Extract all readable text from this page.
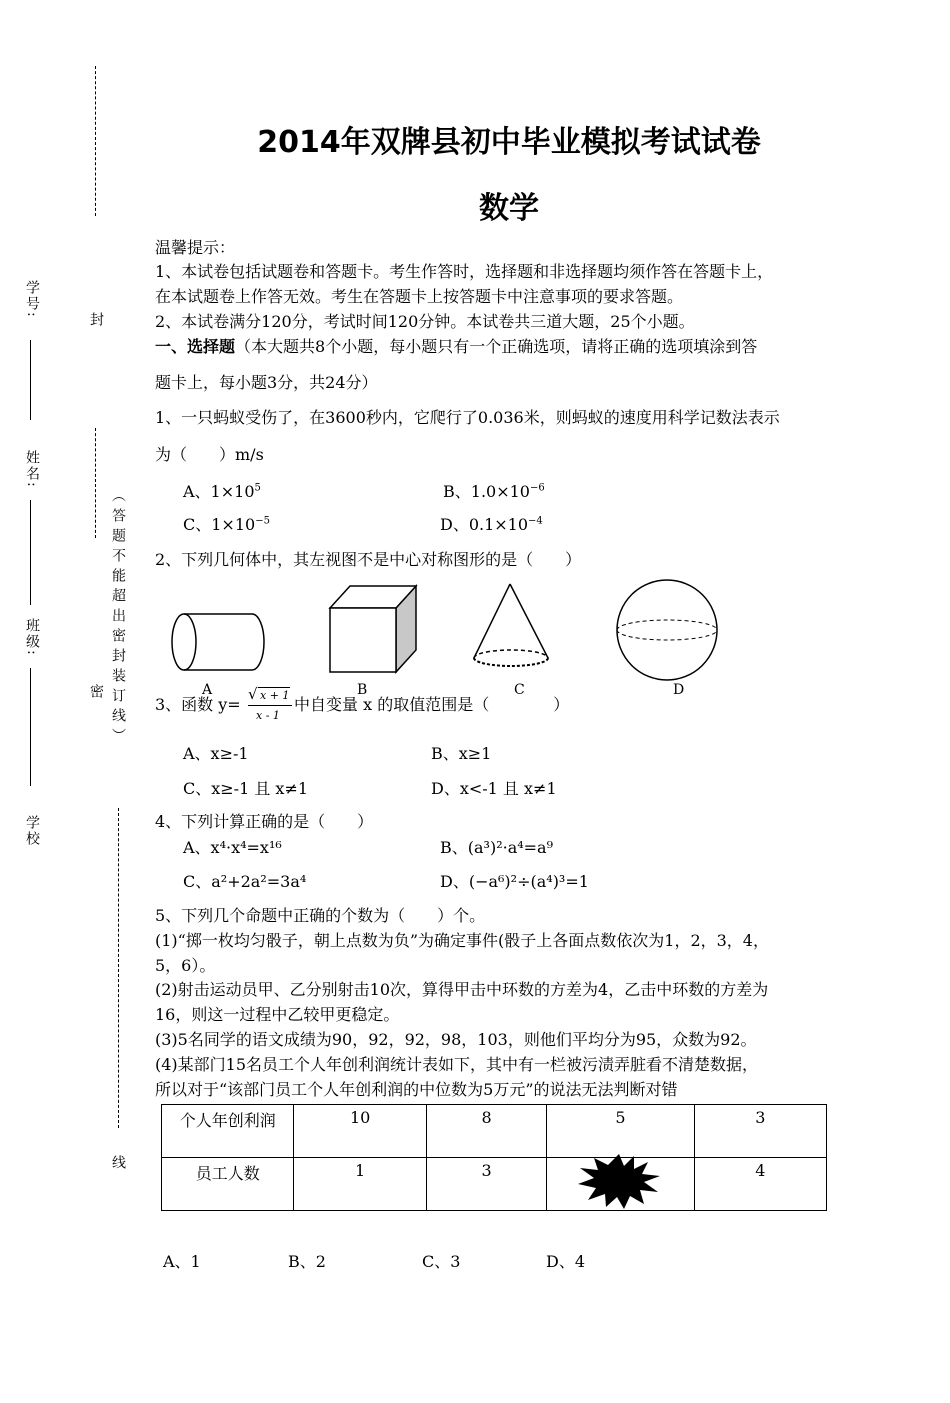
学号:
姓名:
班级:
学校
封
密 （答题不能超出密封装订线）
线
2014年双牌县初中毕业模拟考试试卷
数学
温馨提示：
1、本试卷包括试题卷和答题卡。考生作答时，选择题和非选择题均须作答在答题卡上，
在本试题卷上作答无效。考生在答题卡上按答题卡中注意事项的要求答题。
2、本试卷满分120分，考试时间120分钟。本试卷共三道大题，25个小题。
一、选择题（本大题共8个小题，每小题只有一个正确选项，请将正确的选项填涂到答
题卡上，每小题3分，共24分）
1、一只蚂蚁受伤了，在3600秒内，它爬行了0.036米，则蚂蚁的速度用科学记数法表示
为（　　）m/s
A、$1\times 10^5$	B、$1.0\times 10^{-6}$
C、$1\times 10^{-5}$	D、$0.1\times 10^{-4}$
2、下列几何体中，其左视图不是中心对称图形的是（　　）
A	B	C	D
3、函数 y=
√ x + 1
x - 1
中自变量 x 的取值范围是（　　　　）
A、x≥-1	B、x≥1
C、x≥-1 且 x≠1	D、x<-1 且 x≠1
4、下列计算正确的是（　　）
A、x⁴·x⁴=x¹⁶	B、(a³)²·a⁴=a⁹
C、a²+2a²=3a⁴	D、(−a⁶)²÷(a⁴)³=1
5、下列几个命题中正确的个数为（　　）个。
(1)“掷一枚均匀骰子，朝上点数为负”为确定事件(骰子上各面点数依次为1，2，3，4，
5，6）。
(2)射击运动员甲、乙分别射击10次，算得甲击中环数的方差为4，乙击中环数的方差为
16，则这一过程中乙较甲更稳定。
(3)5名同学的语文成绩为90，92，92，98，103，则他们平均分为95，众数为92。
(4)某部门15名员工个人年创利润统计表如下，其中有一栏被污渍弄脏看不清楚数据，
所以对于“该部门员工个人年创利润的中位数为5万元”的说法无法判断对错
个人年创利润	10	8	5	3
员工人数	1	3		4
A、1	B、2	C、3	D、4
